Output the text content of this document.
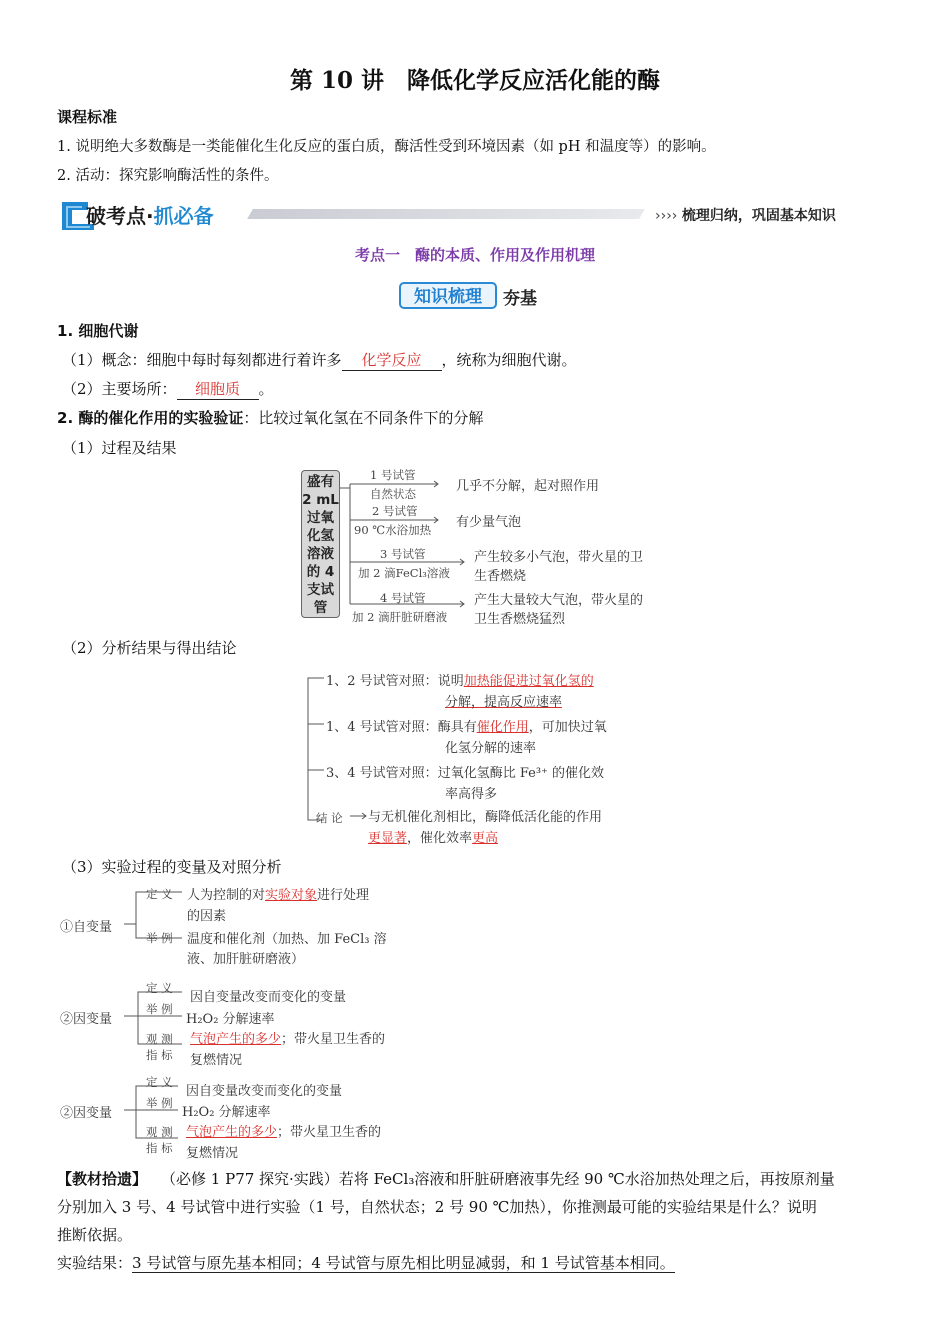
第 10 讲　降低化学反应活化能的酶
课程标准
1. 说明绝大多数酶是一类能催化生化反应的蛋白质，酶活性受到环境因素（如 pH 和温度等）的影响。
2. 活动：探究影响酶活性的条件。
破考点·抓必备	›››› 梳理归纳，巩固基本知识
考点一　酶的本质、作用及作用机理
知识梳理	夯基
1. 细胞代谢
（1）概念：细胞中每时每刻都进行着许多 化学反应 ，统称为细胞代谢。
（2）主要场所： 细胞质 。
2. 酶的催化作用的实验验证：比较过氧化氢在不同条件下的分解
（1）过程及结果
盛有
2 mL
过氧
化氢
溶液
的 4
支试
管
1 号试管
自然状态	几乎不分解，起对照作用
2 号试管
90 ℃水浴加热 有少量气泡
3 号试管
加 2 滴FeCl₃溶液
产生较多小气泡，带火星的卫
生香燃烧
4 号试管
加 2 滴肝脏研磨液
产生大量较大气泡，带火星的
卫生香燃烧猛烈
（2）分析结果与得出结论
1、2 号试管对照：说明加热能促进过氧化氢的
分解，提高反应速率
1、4 号试管对照：酶具有催化作用，可加快过氧
化氢分解的速率
3、4 号试管对照：过氧化氢酶比 Fe³⁺ 的催化效
率高得多
结 论 与无机催化剂相比，酶降低活化能的作用
更显著，催化效率更高
（3）实验过程的变量及对照分析
①自变量
定 义 人为控制的对实验对象进行处理
的因素
举 例 温度和催化剂（加热、加 FeCl₃ 溶
液、加肝脏研磨液）
②因变量
定 义
因自变量改变而变化的变量
举 例
H₂O₂ 分解速率
观 测
指 标
气泡产生的多少；带火星卫生香的
复燃情况
②因变量
定 义
因自变量改变而变化的变量
举 例
H₂O₂ 分解速率
观 测
指 标
气泡产生的多少；带火星卫生香的
复燃情况
【教材拾遗】 （必修 1 P77 探究·实践）若将 FeCl₃溶液和肝脏研磨液事先经 90 ℃水浴加热处理之后，再按原剂量
分别加入 3 号、4 号试管中进行实验（1 号，自然状态；2 号 90 ℃加热），你推测最可能的实验结果是什么？说明
推断依据。
实验结果：3 号试管与原先基本相同；4 号试管与原先相比明显减弱，和 1 号试管基本相同。
